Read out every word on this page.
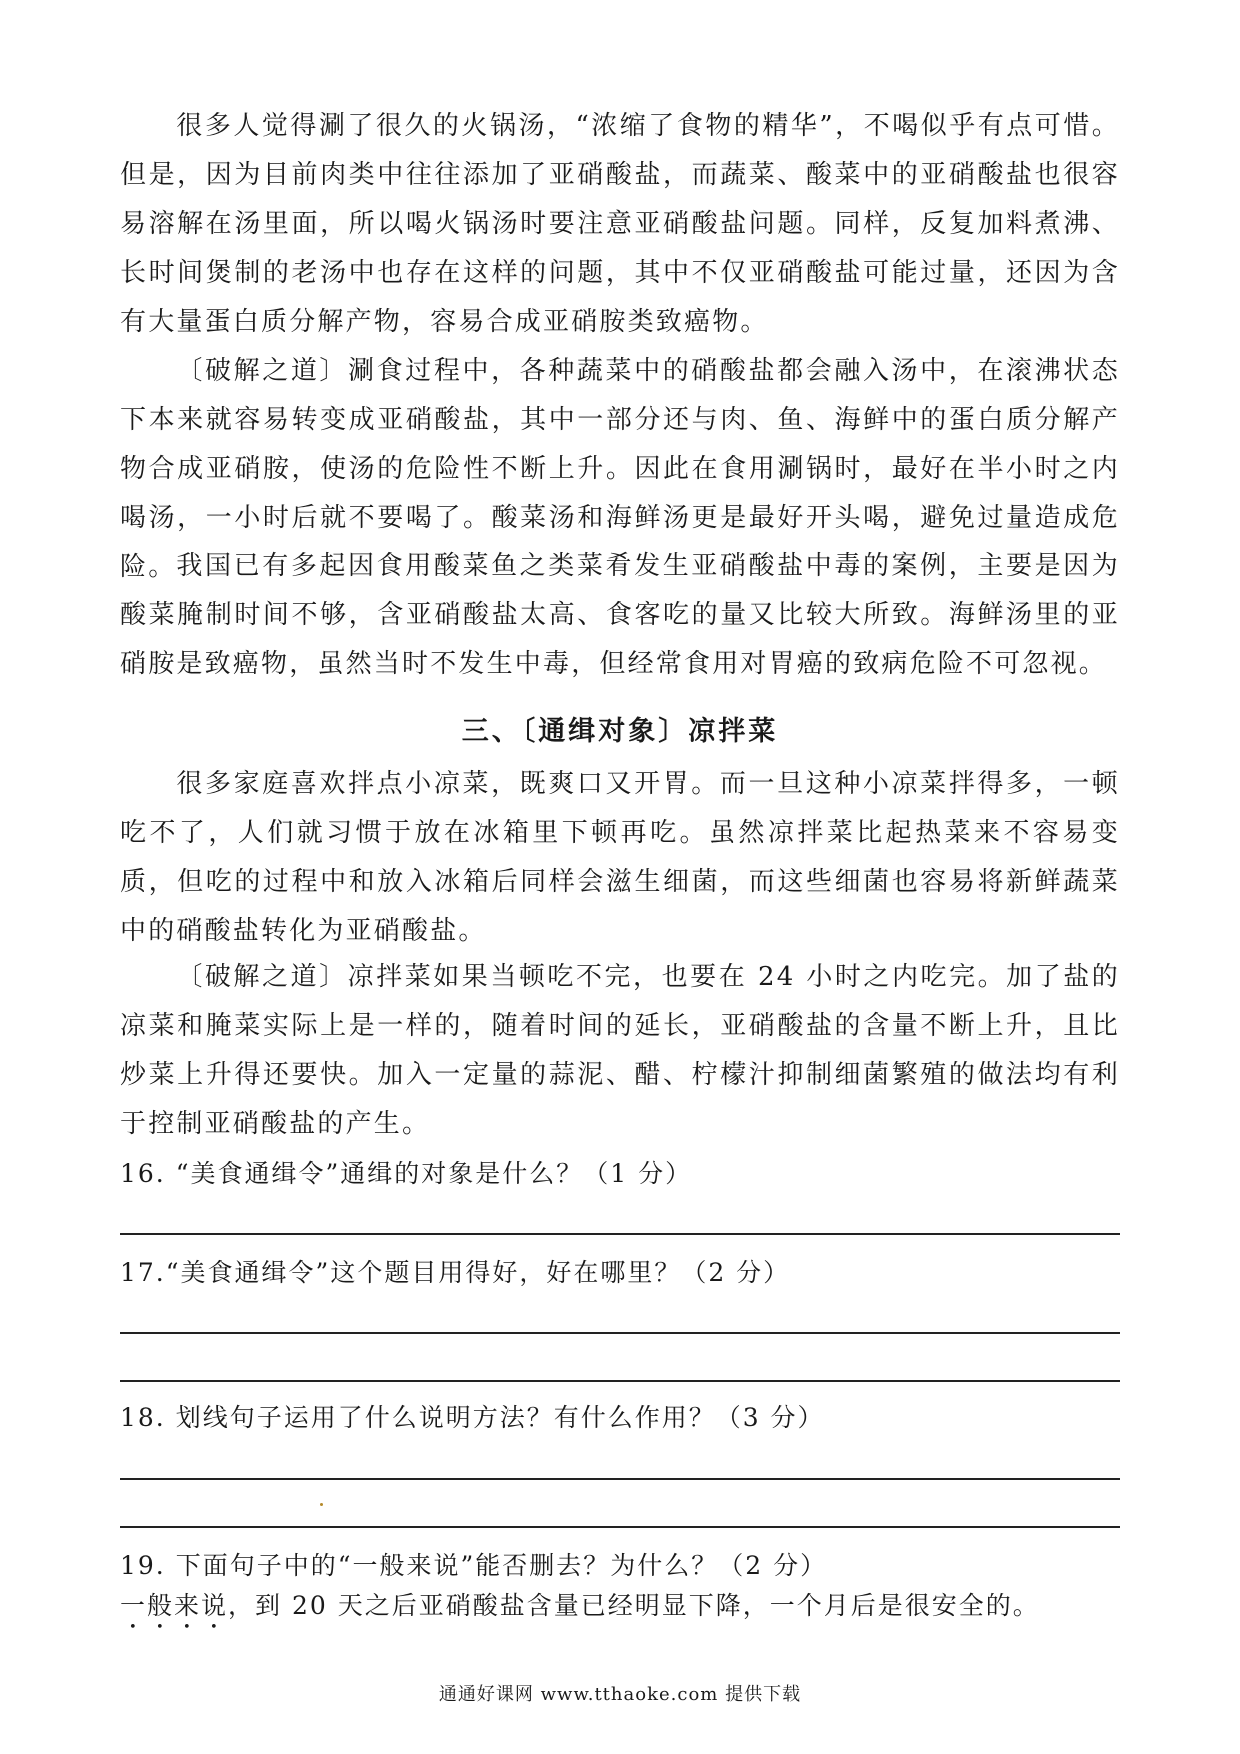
很多人觉得涮了很久的火锅汤，“浓缩了食物的精华”，不喝似乎有点可惜。但是，因为目前肉类中往往添加了亚硝酸盐，而蔬菜、酸菜中的亚硝酸盐也很容易溶解在汤里面，所以喝火锅汤时要注意亚硝酸盐问题。同样，反复加料煮沸、长时间煲制的老汤中也存在这样的问题，其中不仅亚硝酸盐可能过量，还因为含有大量蛋白质分解产物，容易合成亚硝胺类致癌物。

〔破解之道〕涮食过程中，各种蔬菜中的硝酸盐都会融入汤中，在滚沸状态下本来就容易转变成亚硝酸盐，其中一部分还与肉、鱼、海鲜中的蛋白质分解产物合成亚硝胺，使汤的危险性不断上升。因此在食用涮锅时，最好在半小时之内喝汤，一小时后就不要喝了。酸菜汤和海鲜汤更是最好开头喝，避免过量造成危险。 我国已有多起因食用酸菜鱼之类菜肴发生亚硝酸盐中毒的案例，主要是因为酸菜腌制时间不够，含亚硝酸盐太高、食客吃的量又比较大所致。海鲜汤里的亚硝胺是致癌物，虽然当时不发生中毒，但经常食用对胃癌的致病危险不可忽视。

三、〔通缉对象〕凉拌菜

很多家庭喜欢拌点小凉菜，既爽口又开胃。而一旦这种小凉菜拌得多，一顿吃不了，人们就习惯于放在冰箱里下顿再吃。虽然凉拌菜比起热菜来不容易变质，但吃的过程中和放入冰箱后同样会滋生细菌，而这些细菌也容易将新鲜蔬菜中的硝酸盐转化为亚硝酸盐。

〔破解之道〕凉拌菜如果当顿吃不完，也要在 24 小时之内吃完。加了盐的凉菜和腌菜实际上是一样的，随着时间的延长，亚硝酸盐的含量不断上升，且比炒菜上升得还要快。加入一定量的蒜泥、醋、柠檬汁抑制细菌繁殖的做法均有利于控制亚硝酸盐的产生。

16. “美食通缉令”通缉的对象是什么？（1 分）

17.“美食通缉令”这个题目用得好，好在哪里？（2 分）

18. 划线句子运用了什么说明方法？有什么作用？（3 分）

19. 下面句子中的“一般来说”能否删去？为什么？（2 分）

一般来说，到 20 天之后亚硝酸盐含量已经明显下降，一个月后是很安全的。

通通好课网 www.tthaoke.com 提供下载
